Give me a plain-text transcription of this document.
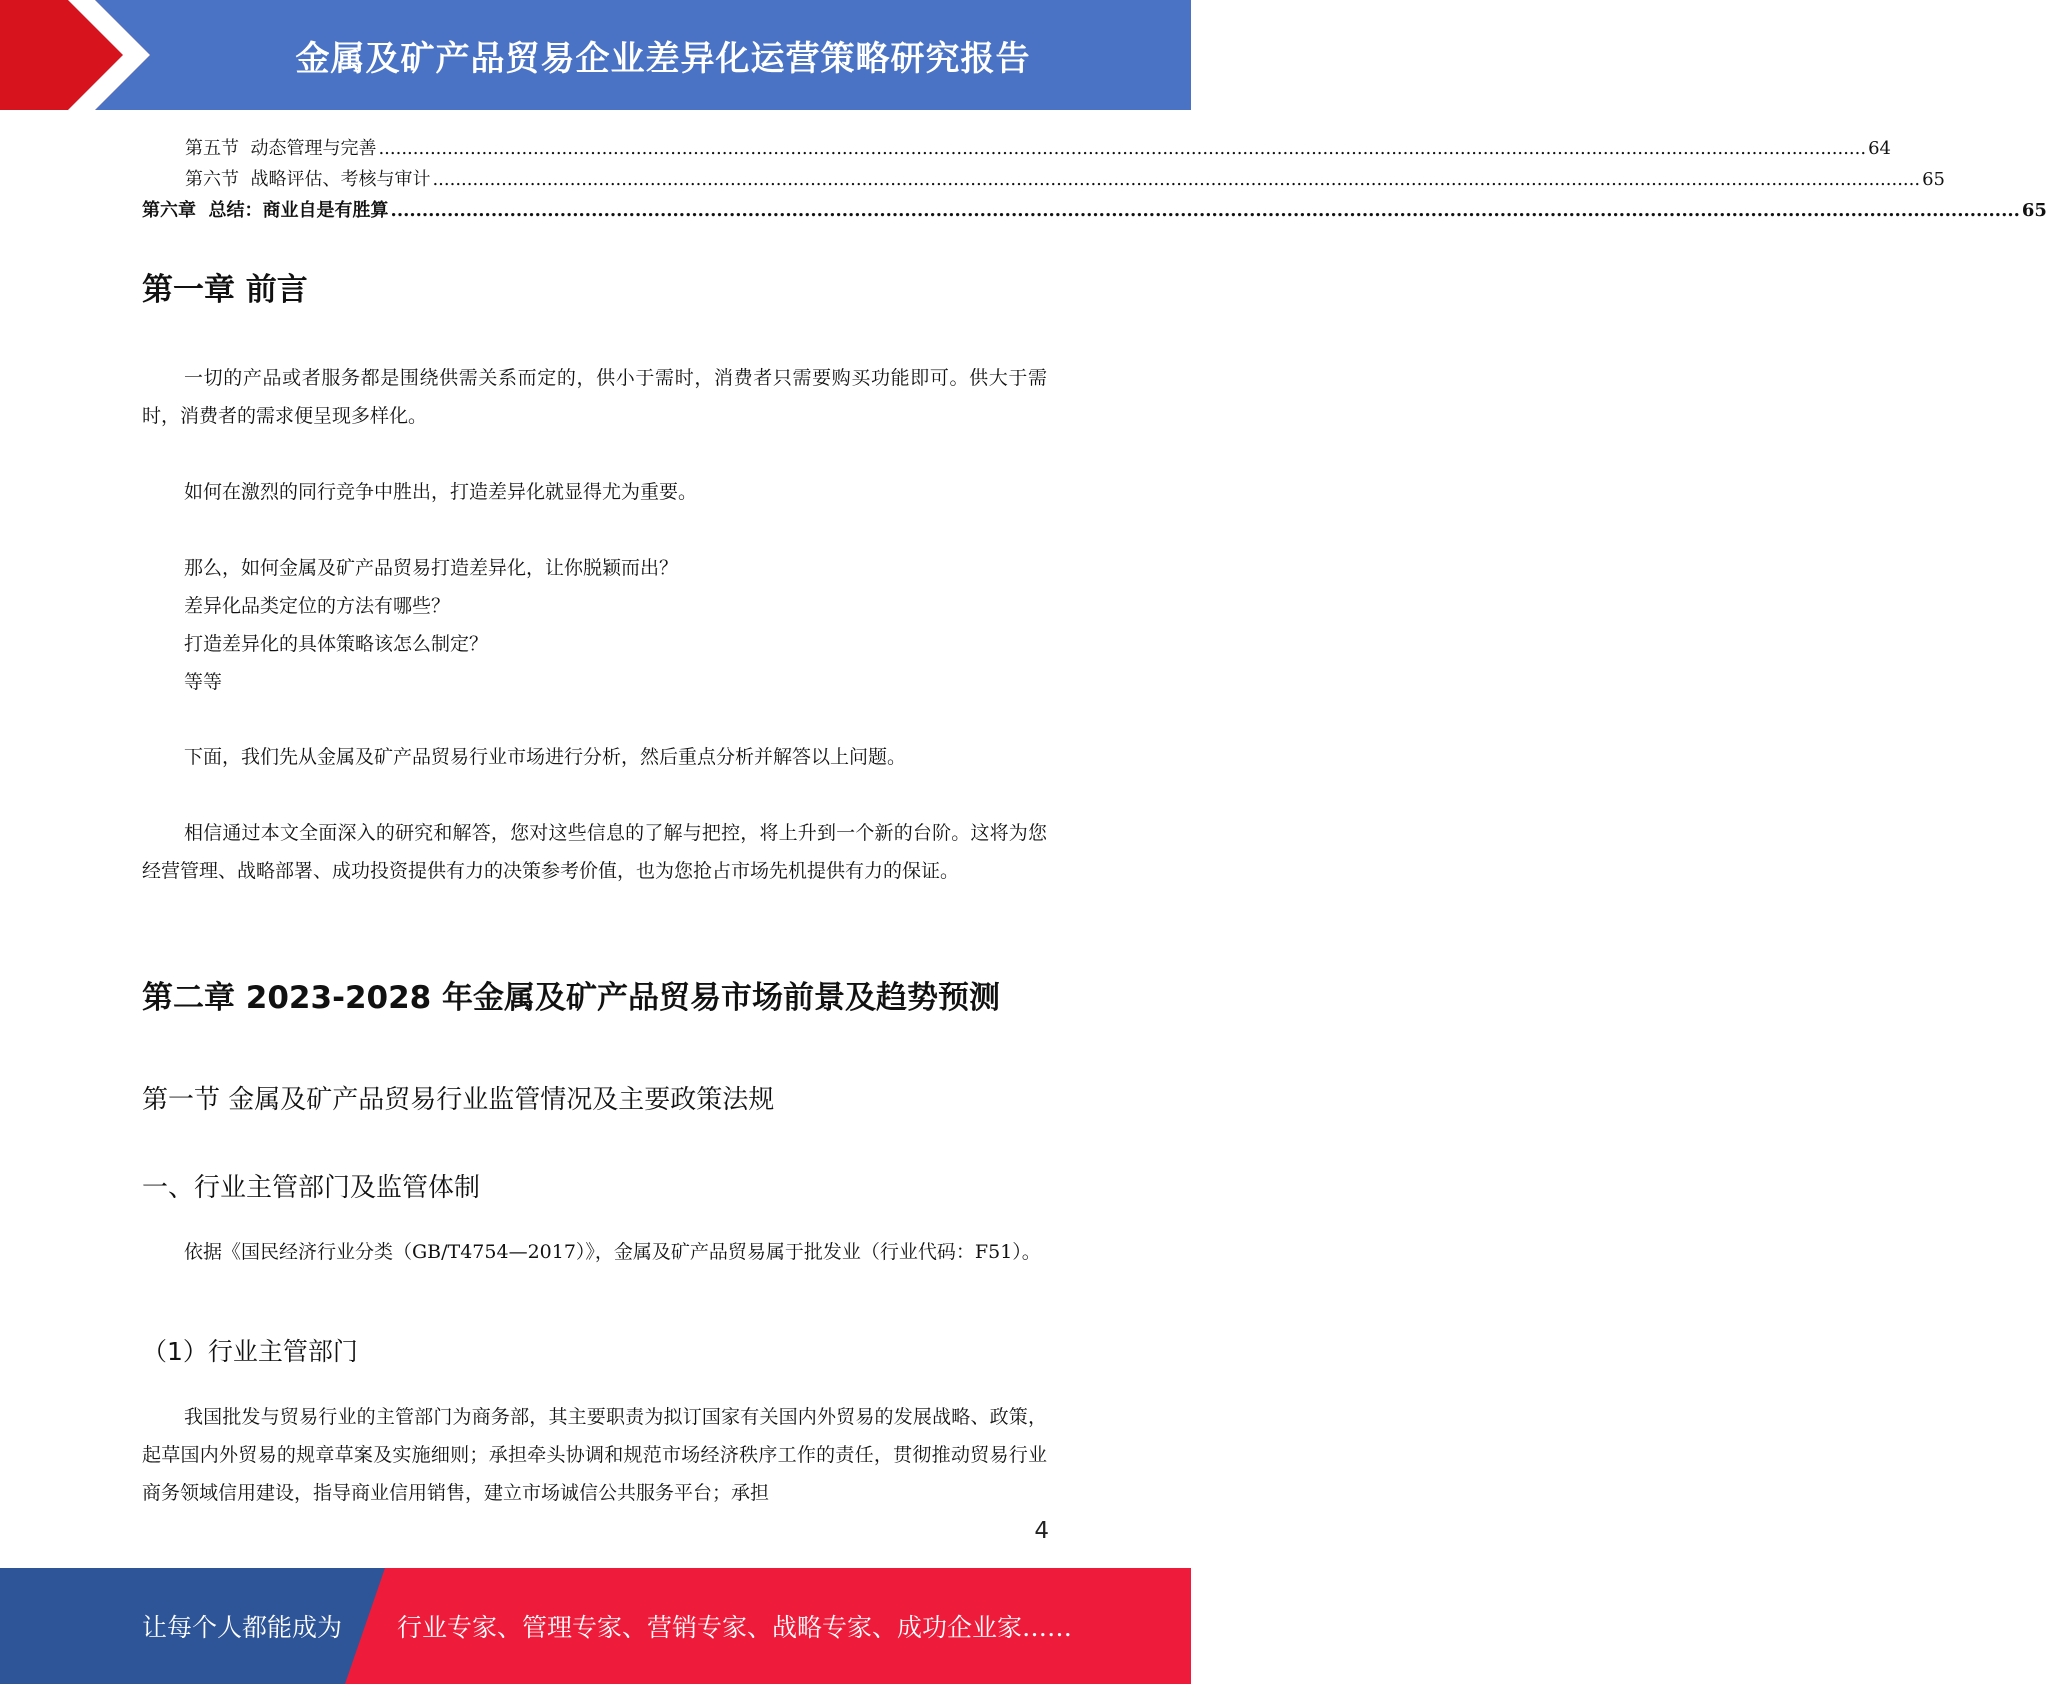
金属及矿产品贸易企业差异化运营策略研究报告
第五节  动态管理与完善 .................................................................................................................................................................................................................................................................... 64
第六节  战略评估、考核与审计 .................................................................................................................................................................................................................................................................... 65
第六章  总结：商业自是有胜算 .................................................................................................................................................................................................................................................................... 65
第一章 前言
一切的产品或者服务都是围绕供需关系而定的，供小于需时，消费者只需要购买功能即可。供大于需时，消费者的需求便呈现多样化。
如何在激烈的同行竞争中胜出，打造差异化就显得尤为重要。
那么，如何金属及矿产品贸易打造差异化，让你脱颖而出？
差异化品类定位的方法有哪些？
打造差异化的具体策略该怎么制定？
等等
下面，我们先从金属及矿产品贸易行业市场进行分析，然后重点分析并解答以上问题。
相信通过本文全面深入的研究和解答，您对这些信息的了解与把控，将上升到一个新的台阶。这将为您经营管理、战略部署、成功投资提供有力的决策参考价值，也为您抢占市场先机提供有力的保证。
第二章 2023-2028 年金属及矿产品贸易市场前景及趋势预测
第一节 金属及矿产品贸易行业监管情况及主要政策法规
一、行业主管部门及监管体制
依据《国民经济行业分类（GB/T4754—2017）》，金属及矿产品贸易属于批发业（行业代码：F51）。
（1）行业主管部门
我国批发与贸易行业的主管部门为商务部，其主要职责为拟订国家有关国内外贸易的发展战略、政策，起草国内外贸易的规章草案及实施细则；承担牵头协调和规范市场经济秩序工作的责任，贯彻推动贸易行业商务领域信用建设，指导商业信用销售，建立市场诚信公共服务平台；承担
4
让每个人都能成为 行业专家、管理专家、营销专家、战略专家、成功企业家……
